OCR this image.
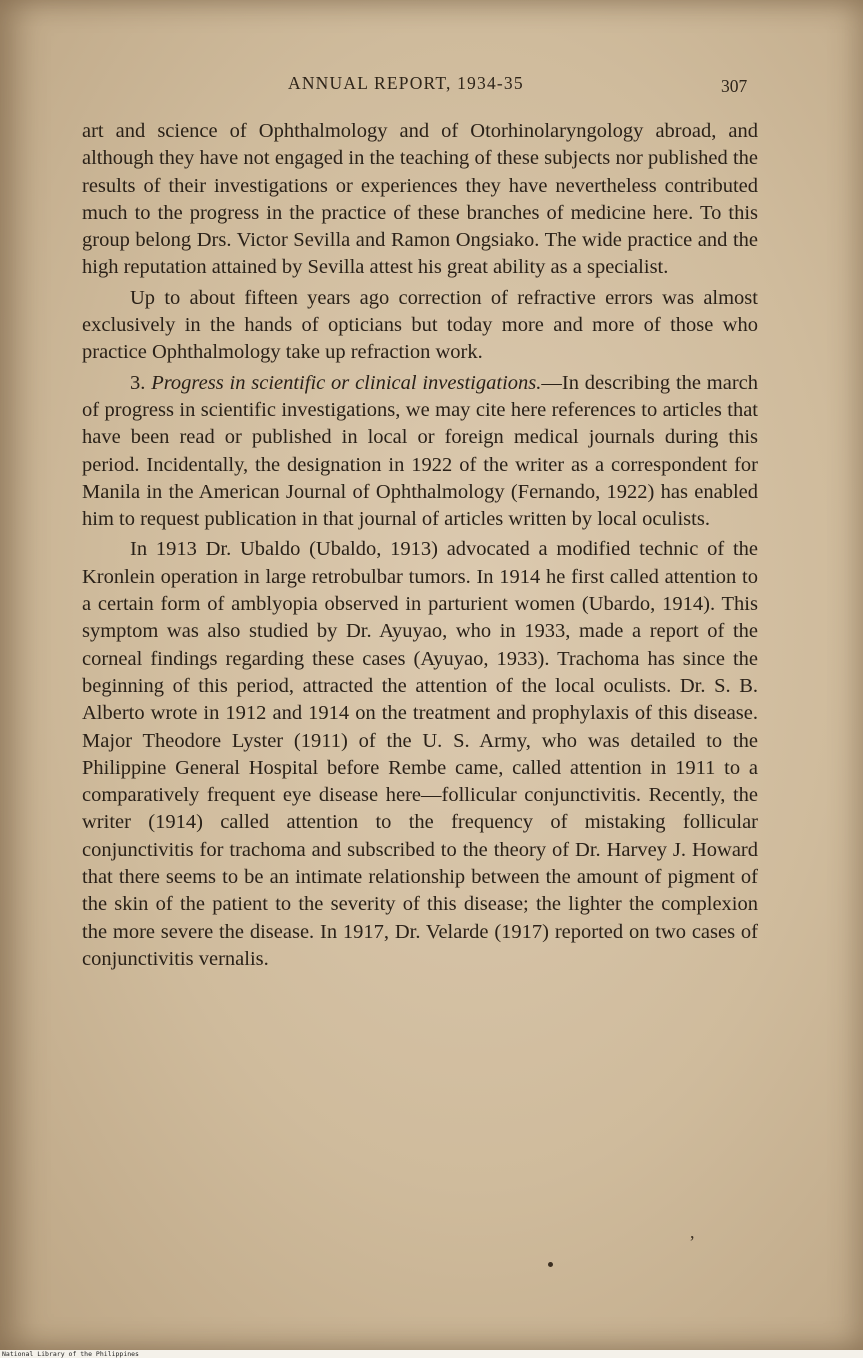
ANNUAL REPORT, 1934-35	307

art and science of Ophthalmology and of Otorhinolaryngology abroad, and although they have not engaged in the teaching of these subjects nor published the results of their investigations or experiences they have nevertheless contributed much to the progress in the practice of these branches of medicine here. To this group belong Drs. Victor Sevilla and Ramon Ongsiako. The wide practice and the high reputation attained by Sevilla attest his great ability as a specialist.

Up to about fifteen years ago correction of refractive errors was almost exclusively in the hands of opticians but today more and more of those who practice Ophthalmology take up refraction work.

3. Progress in scientific or clinical investigations.—In describing the march of progress in scientific investigations, we may cite here references to articles that have been read or published in local or foreign medical journals during this period. Incidentally, the designation in 1922 of the writer as a correspondent for Manila in the American Journal of Ophthalmology (Fernando, 1922) has enabled him to request publication in that journal of articles written by local oculists.

In 1913 Dr. Ubaldo (Ubaldo, 1913) advocated a modified technic of the Kronlein operation in large retrobulbar tumors. In 1914 he first called attention to a certain form of amblyopia observed in parturient women (Ubardo, 1914). This symptom was also studied by Dr. Ayuyao, who in 1933, made a report of the corneal findings regarding these cases (Ayuyao, 1933). Trachoma has since the beginning of this period, attracted the attention of the local oculists. Dr. S. B. Alberto wrote in 1912 and 1914 on the treatment and prophylaxis of this disease. Major Theodore Lyster (1911) of the U. S. Army, who was detailed to the Philippine General Hospital before Rembe came, called attention in 1911 to a comparatively frequent eye disease here—follicular conjunctivitis. Recently, the writer (1914) called attention to the frequency of mistaking follicular conjunctivitis for trachoma and subscribed to the theory of Dr. Harvey J. Howard that there seems to be an intimate relationship between the amount of pigment of the skin of the patient to the severity of this disease; the lighter the complexion the more severe the disease. In 1917, Dr. Velarde (1917) reported on two cases of conjunctivitis vernalis.

,
National Library of the Philippines
